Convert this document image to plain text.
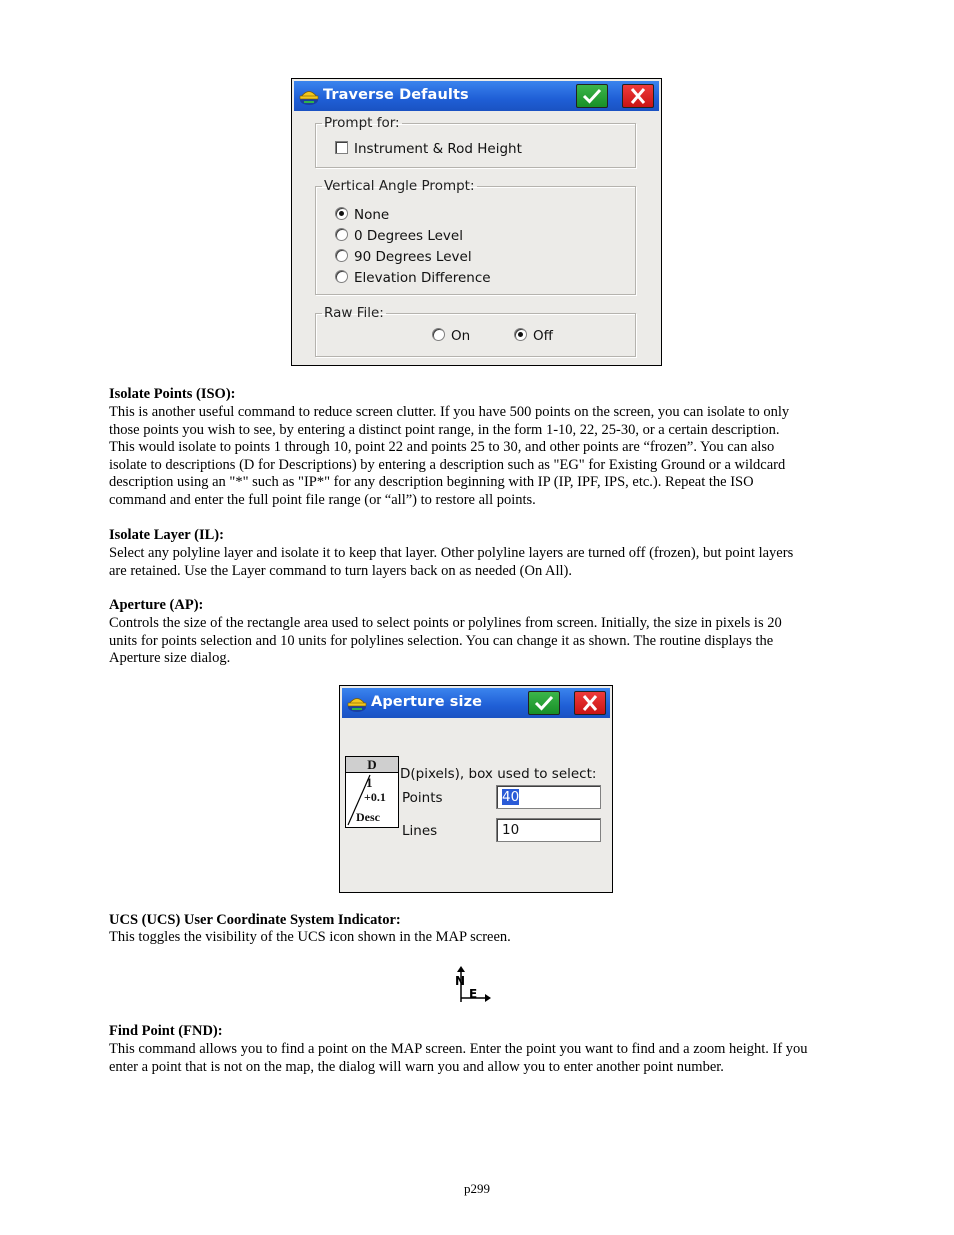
Traverse Defaults
Prompt for:
Instrument & Rod Height
Vertical Angle Prompt:
None
0 Degrees Level
90 Degrees Level
Elevation Difference
Raw File:
On	Off
Isolate Points (ISO):
This is another useful command to reduce screen clutter. If you have 500 points on the screen, you can isolate to only
those points you wish to see, by entering a distinct point range, in the form 1-10, 22, 25-30, or a certain description.
This would isolate to points 1 through 10, point 22 and points 25 to 30, and other points are “frozen”. You can also
isolate to descriptions (D for Descriptions) by entering a description such as "EG" for Existing Ground or a wildcard
description using an "*" such as "IP*" for any description beginning with IP (IP, IPF, IPS, etc.). Repeat the ISO
command and enter the full point file range (or “all”) to restore all points.
Isolate Layer (IL):
Select any polyline layer and isolate it to keep that layer. Other polyline layers are turned off (frozen), but point layers
are retained. Use the Layer command to turn layers back on as needed (On All).
Aperture (AP):
Controls the size of the rectangle area used to select points or polylines from screen. Initially, the size in pixels is 20
units for points selection and 10 units for polylines selection. You can change it as shown. The routine displays the
Aperture size dialog.
Aperture size
D
1
+0.1
Desc
D(pixels), box used to select:
Points	40
Lines	10
UCS (UCS) User Coordinate System Indicator:
This toggles the visibility of the UCS icon shown in the MAP screen.
N
E
Find Point (FND):
This command allows you to find a point on the MAP screen. Enter the point you want to find and a zoom height. If you
enter a point that is not on the map, the dialog will warn you and allow you to enter another point number.
p299
